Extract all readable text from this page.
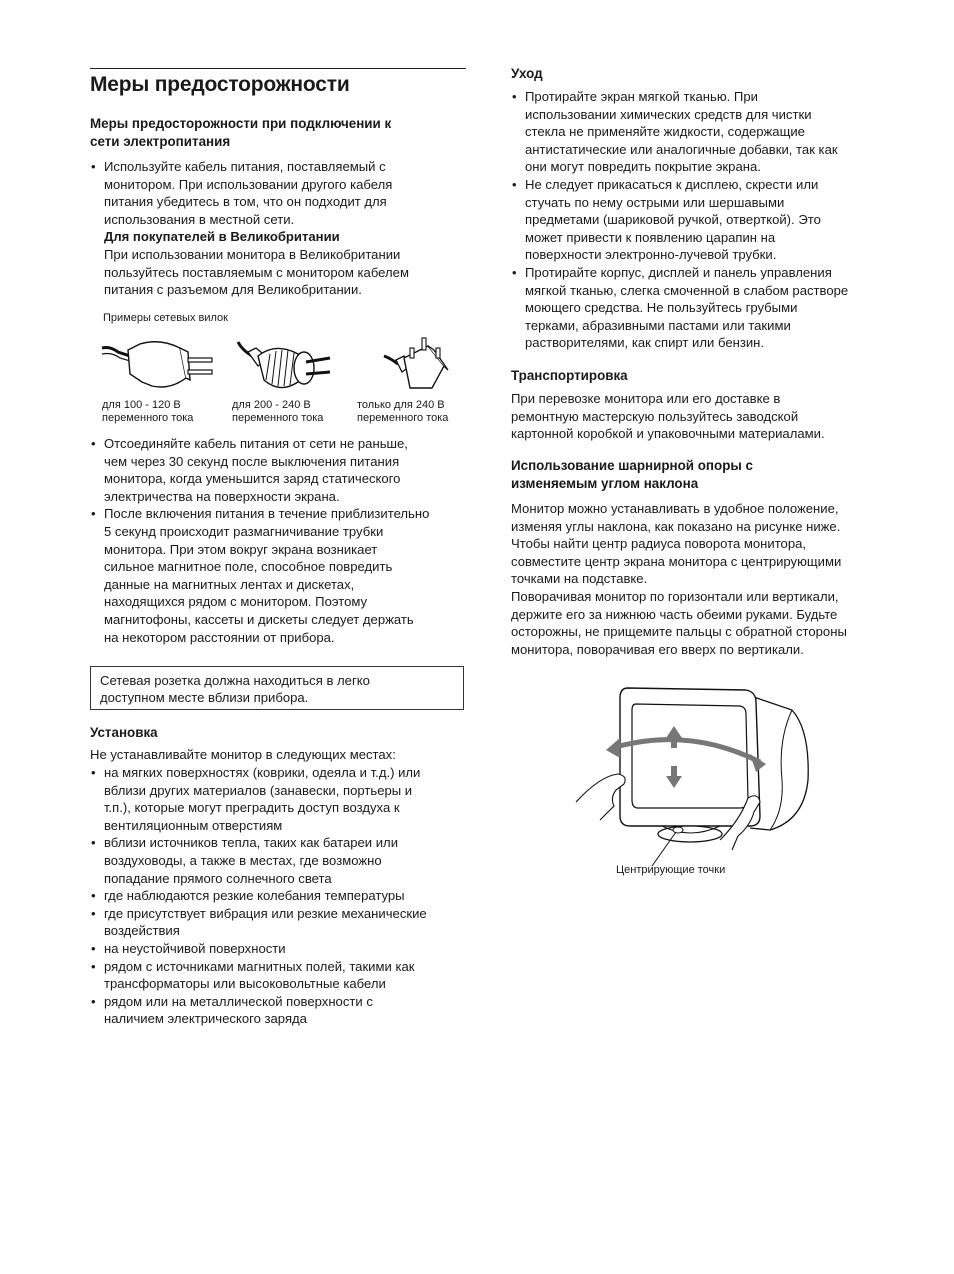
Меры предосторожности
Меры предосторожности при подключении к
сети электропитания
• Используйте кабель питания, поставляемый с
монитором. При использовании другого кабеля
питания убедитесь в том, что он подходит для
использования в местной сети.
Для покупателей в Великобритании
При использовании монитора в Великобритании
пользуйтесь поставляемым с монитором кабелем
питания с разъемом для Великобритании.
Примеры сетевых вилок
для 100 - 120 В
переменного тока
для 200 - 240 В
переменного тока
только для 240 В
переменного тока
• Отсоединяйте кабель питания от сети не раньше,
чем через 30 секунд после выключения питания
монитора, когда уменьшится заряд статического
электричества на поверхности экрана.
• После включения питания в течение приблизительно
5 секунд происходит размагничивание трубки
монитора. При этом вокруг экрана возникает
сильное магнитное поле, способное повредить
данные на магнитных лентах и дискетах,
находящихся рядом с монитором. Поэтому
магнитофоны, кассеты и дискеты следует держать
на некотором расстоянии от прибора.
Сетевая розетка должна находиться в легко
доступном месте вблизи прибора.
Установка
Не устанавливайте монитор в следующих местах:
• на мягких поверхностях (коврики, одеяла и т.д.) или
вблизи других материалов (занавески, портьеры и
т.п.), которые могут преградить доступ воздуха к
вентиляционным отверстиям
• вблизи источников тепла, таких как батареи или
воздуховоды, а также в местах, где возможно
попадание прямого солнечного света
• где наблюдаются резкие колебания температуры
• где присутствует вибрация или резкие механические
воздействия
• на неустойчивой поверхности
• рядом с источниками магнитных полей, такими как
трансформаторы или высоковольтные кабели
• рядом или на металлической поверхности с
наличием электрического заряда
Уход
• Протирайте экран мягкой тканью. При
использовании химических средств для чистки
стекла не применяйте жидкости, содержащие
антистатические или аналогичные добавки, так как
они могут повредить покрытие экрана.
• Не следует прикасаться к дисплею, скрести или
стучать по нему острыми или шершавыми
предметами (шариковой ручкой, отверткой). Это
может привести к появлению царапин на
поверхности электронно-лучевой трубки.
• Протирайте корпус, дисплей и панель управления
мягкой тканью, слегка смоченной в слабом растворе
моющего средства. Не пользуйтесь грубыми
терками, абразивными пастами или такими
растворителями, как спирт или бензин.
Транспортировка
При перевозке монитора или его доставке в
ремонтную мастерскую пользуйтесь заводской
картонной коробкой и упаковочными материалами.
Использование шарнирной опоры с
изменяемым углом наклона
Монитор можно устанавливать в удобное положение,
изменяя углы наклона, как показано на рисунке ниже.
Чтобы найти центр радиуса поворота монитора,
совместите центр экрана монитора с центрирующими
точками на подставке.
Поворачивая монитор по горизонтали или вертикали,
держите его за нижнюю часть обеими руками. Будьте
осторожны, не прищемите пальцы с обратной стороны
монитора, поворачивая его вверх по вертикали.
Центрирующие точки
